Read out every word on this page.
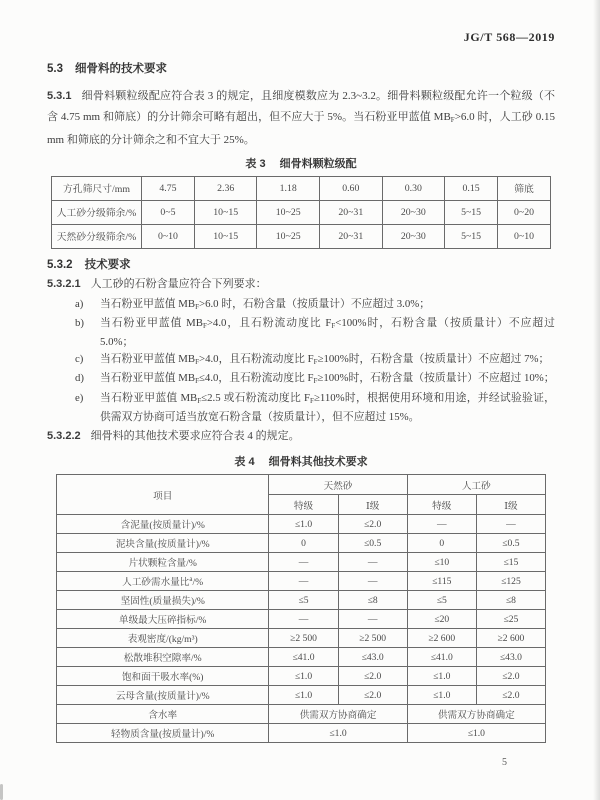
JG/T 568—2019
5.3 细骨料的技术要求
5.3.1 细骨料颗粒级配应符合表 3 的规定，且细度模数应为 2.3~3.2。细骨料颗粒级配允许一个粒级（不含 4.75 mm 和筛底）的分计筛余可略有超出，但不应大于 5%。当石粉亚甲蓝值 $MB_F>6.0$ 时，人工砂 0.15 mm 和筛底的分计筛余之和不宜大于 25%。
表 3 细骨料颗粒级配
方孔筛尺寸/mm	4.75	2.36	1.18	0.60	0.30	0.15	筛底
人工砂分级筛余/%	0~5	10~15	10~25	20~31	20~30	5~15	0~20
天然砂分级筛余/%	0~10	10~15	10~25	20~31	20~30	5~15	0~10
5.3.2 技术要求
5.3.2.1 人工砂的石粉含量应符合下列要求：
a)	当石粉亚甲蓝值 $MB_F>6.0$ 时，石粉含量（按质量计）不应超过 3.0%；
b)	当石粉亚甲蓝值 $MB_F>4.0$，且石粉流动度比 $F_F<100\%$时，石粉含量（按质量计）不应超过 5.0%；
c)	当石粉亚甲蓝值 $MB_F>4.0$，且石粉流动度比 $F_F\ge 100\%$时，石粉含量（按质量计）不应超过 7%；
d)	当石粉亚甲蓝值 $MB_F\le 4.0$，且石粉流动度比 $F_F\ge 100\%$时，石粉含量（按质量计）不应超过 10%；
e)	当石粉亚甲蓝值 $MB_F\le 2.5$ 或石粉流动度比 $F_F\ge 110\%$时，根据使用环境和用途，并经试验验证，供需双方协商可适当放宽石粉含量（按质量计），但不应超过 15%。
5.3.2.2 细骨料的其他技术要求应符合表 4 的规定。
表 4 细骨料其他技术要求
项目	天然砂		人工砂	
	特级	Ⅰ级	特级	Ⅰ级
含泥量(按质量计)/%	≤1.0	≤2.0	—	—
泥块含量(按质量计)/%	0	≤0.5	0	≤0.5
片状颗粒含量/%	—	—	≤10	≤15
人工砂需水量比$^a$/%	—	—	≤115	≤125
坚固性(质量损失)/%	≤5	≤8	≤5	≤8
单级最大压碎指标/%	—	—	≤20	≤25
表观密度/(kg/m³)	≥2 500	≥2 500	≥2 600	≥2 600
松散堆积空隙率/%	≤41.0	≤43.0	≤41.0	≤43.0
饱和面干吸水率(%)	≤1.0	≤2.0	≤1.0	≤2.0
云母含量(按质量计)/%	≤1.0	≤2.0	≤1.0	≤2.0
含水率	供需双方协商确定		供需双方协商确定	
轻物质含量(按质量计)/%	≤1.0		≤1.0	
5
